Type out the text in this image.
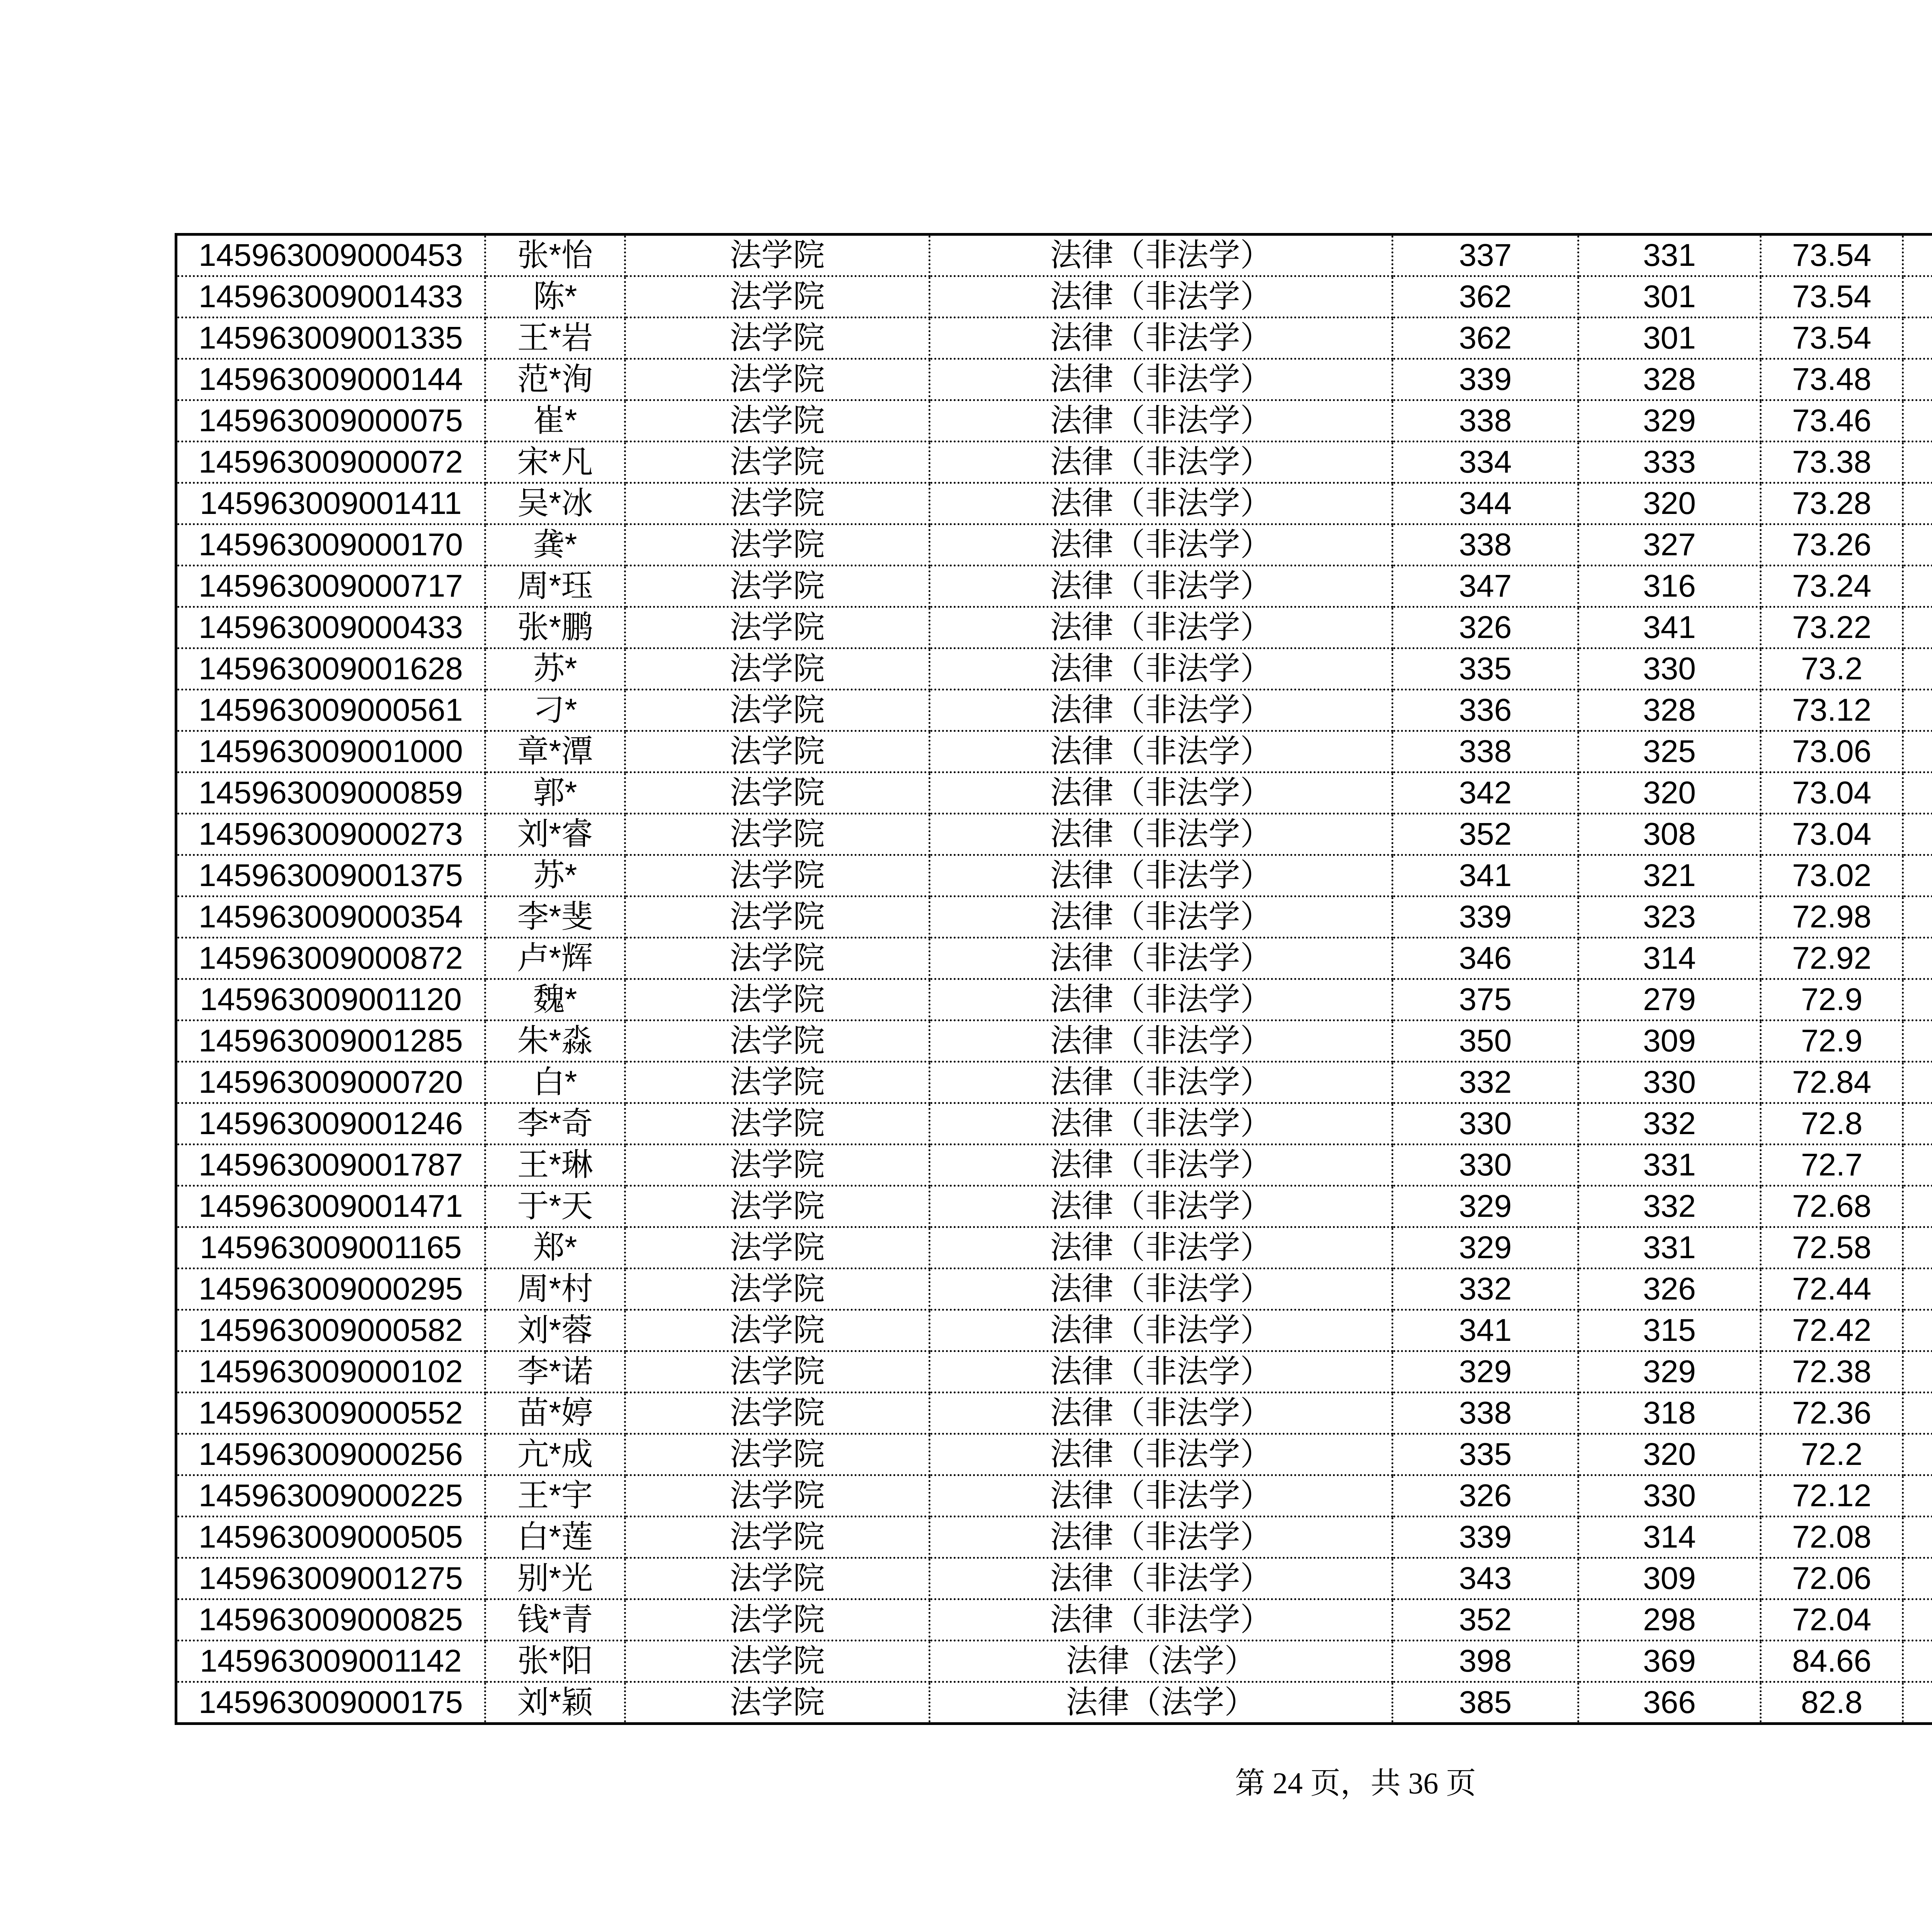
145963009000453	张*怡	法学院	法律（非法学）	337	331	73.54		
145963009001433	陈*	法学院	法律（非法学）	362	301	73.54		
145963009001335	王*岩	法学院	法律（非法学）	362	301	73.54		
145963009000144	范*洵	法学院	法律（非法学）	339	328	73.48		
145963009000075	崔*	法学院	法律（非法学）	338	329	73.46		
145963009000072	宋*凡	法学院	法律（非法学）	334	333	73.38		
145963009001411	吴*冰	法学院	法律（非法学）	344	320	73.28		
145963009000170	龚*	法学院	法律（非法学）	338	327	73.26		
145963009000717	周*珏	法学院	法律（非法学）	347	316	73.24		
145963009000433	张*鹏	法学院	法律（非法学）	326	341	73.22		
145963009001628	苏*	法学院	法律（非法学）	335	330	73.2		
145963009000561	刁*	法学院	法律（非法学）	336	328	73.12		
145963009001000	章*潭	法学院	法律（非法学）	338	325	73.06		
145963009000859	郭*	法学院	法律（非法学）	342	320	73.04		
145963009000273	刘*睿	法学院	法律（非法学）	352	308	73.04		
145963009001375	苏*	法学院	法律（非法学）	341	321	73.02		
145963009000354	李*斐	法学院	法律（非法学）	339	323	72.98		
145963009000872	卢*辉	法学院	法律（非法学）	346	314	72.92		
145963009001120	魏*	法学院	法律（非法学）	375	279	72.9		
145963009001285	朱*淼	法学院	法律（非法学）	350	309	72.9		
145963009000720	白*	法学院	法律（非法学）	332	330	72.84		
145963009001246	李*奇	法学院	法律（非法学）	330	332	72.8		
145963009001787	王*琳	法学院	法律（非法学）	330	331	72.7		
145963009001471	于*天	法学院	法律（非法学）	329	332	72.68		
145963009001165	郑*	法学院	法律（非法学）	329	331	72.58		
145963009000295	周*村	法学院	法律（非法学）	332	326	72.44		
145963009000582	刘*蓉	法学院	法律（非法学）	341	315	72.42		
145963009000102	李*诺	法学院	法律（非法学）	329	329	72.38		
145963009000552	苗*婷	法学院	法律（非法学）	338	318	72.36		
145963009000256	亢*成	法学院	法律（非法学）	335	320	72.2		
145963009000225	王*宇	法学院	法律（非法学）	326	330	72.12		
145963009000505	白*莲	法学院	法律（非法学）	339	314	72.08		
145963009001275	别*光	法学院	法律（非法学）	343	309	72.06		
145963009000825	钱*青	法学院	法律（非法学）	352	298	72.04		
145963009001142	张*阳	法学院	法律（法学）	398	369	84.66		
145963009000175	刘*颖	法学院	法律（法学）	385	366	82.8		
第 24 页，共 36 页
